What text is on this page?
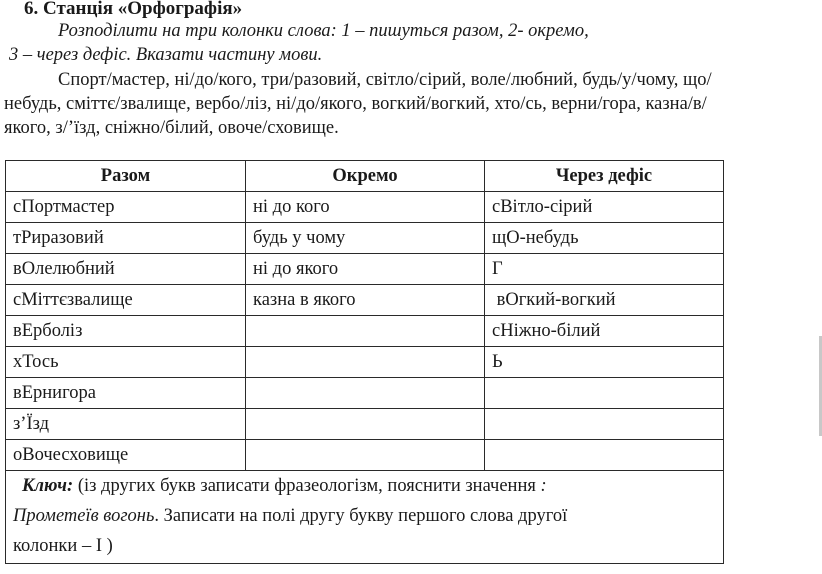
6. Станція «Орфографія»
Розподілити на три колонки слова: 1 – пишуться разом, 2- окремо,
3 – через дефіс. Вказати частину мови.
Спорт/мастер, ні/до/кого, три/разовий, світло/сірий, воле/любний, будь/у/чому, що/
небудь, сміттє/звалище, вербо/ліз, ні/до/якого, вогкий/вогкий, хто/сь, верни/гора, казна/в/
якого, з/’їзд, сніжно/білий, овоче/сховище.
Разом	Окремо	Через дефіс
сПортмастер	ні до кого	сВітло-сірий
тРиразовий	будь у чому	щО-небудь
вОлелюбний	ні до якого	Г
сМіттєзвалище	казна в якого	вОгкий-вогкий
вЕрболіз		сНіжно-білий
хТось		Ь
вЕрнигора		
з’Їзд		
оВочесховище		

Ключ: (із других букв записати фразеологізм, пояснити значення :
Прометеїв вогонь. Записати на полі другу букву першого слова другої
колонки – І )		
